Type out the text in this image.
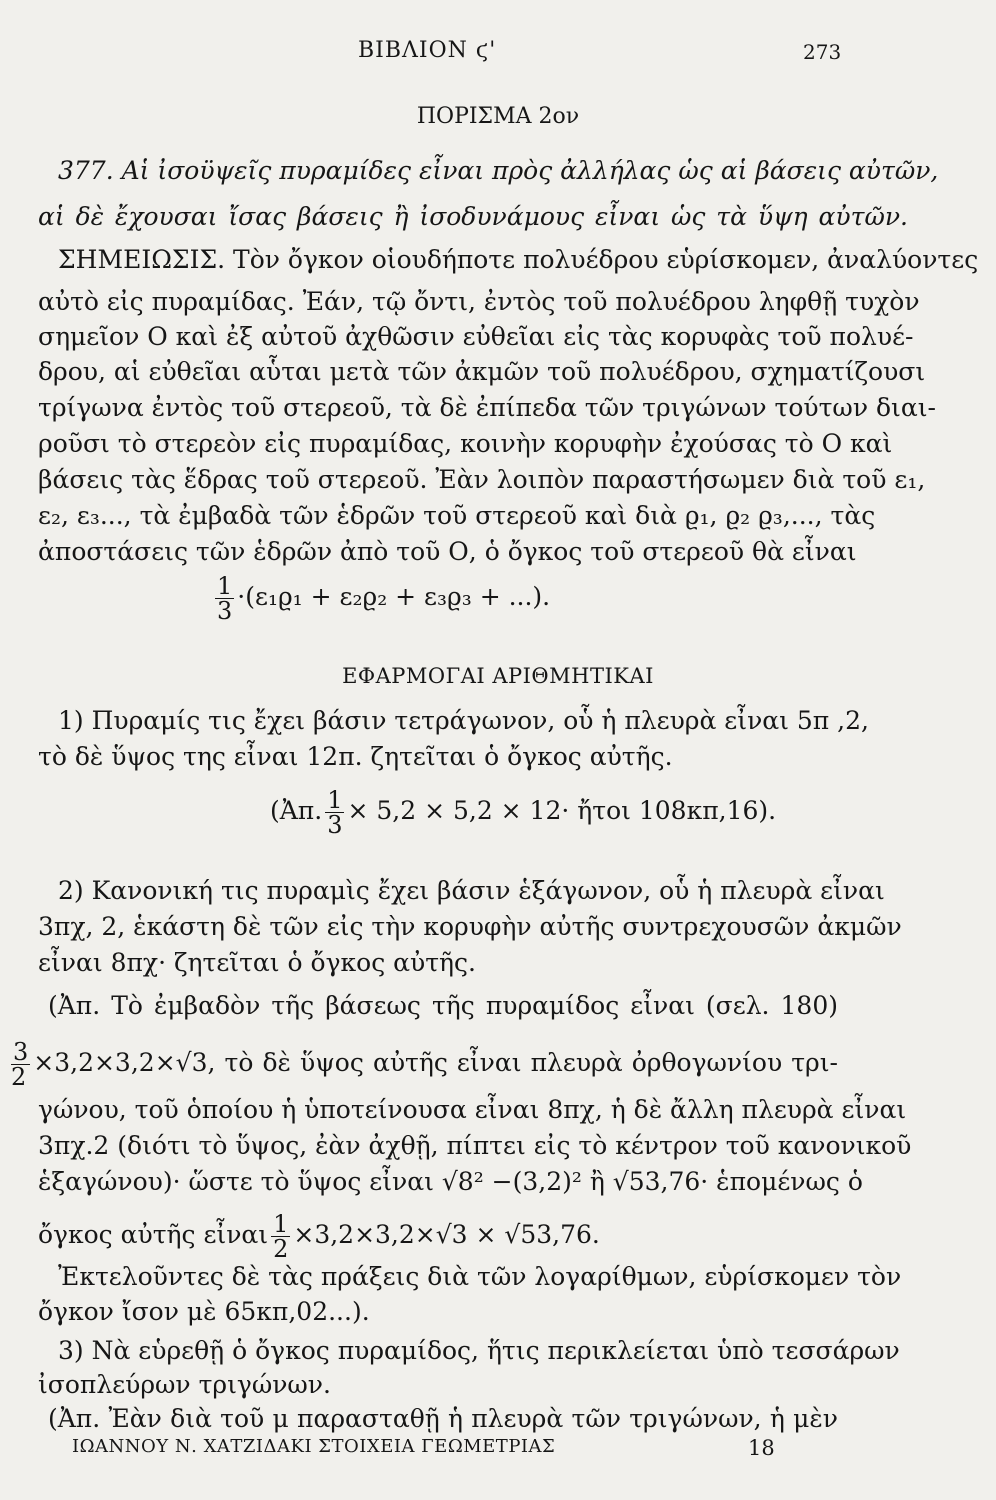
ΒΙΒΛΙΟΝ ϛ'	273
ΠΟΡΙΣΜΑ 2ον
377. Αἱ ἰσοϋψεῖς πυραμίδες εἶναι πρὸς ἀλλήλας ὡς αἱ βάσεις αὐτῶν,
αἱ δὲ ἔχουσαι ἴσας βάσεις ἢ ἰσοδυνάμους εἶναι ὡς τὰ ὕψη αὐτῶν.
ΣΗΜΕΙΩΣΙΣ. Τὸν ὄγκον οἱουδήποτε πολυέδρου εὑρίσκομεν, ἀναλύοντες
αὐτὸ εἰς πυραμίδας. Ἐάν, τῷ ὄντι, ἐντὸς τοῦ πολυέδρου ληφθῇ τυχὸν
σημεῖον Ο καὶ ἐξ αὐτοῦ ἀχθῶσιν εὐθεῖαι εἰς τὰς κορυφὰς τοῦ πολυέ-
δρου, αἱ εὐθεῖαι αὗται μετὰ τῶν ἀκμῶν τοῦ πολυέδρου, σχηματίζουσι
τρίγωνα ἐντὸς τοῦ στερεοῦ, τὰ δὲ ἐπίπεδα τῶν τριγώνων τούτων διαι-
ροῦσι τὸ στερεὸν εἰς πυραμίδας, κοινὴν κορυφὴν ἐχούσας τὸ Ο καὶ
βάσεις τὰς ἕδρας τοῦ στερεοῦ. Ἐὰν λοιπὸν παραστήσωμεν διὰ τοῦ ε₁,
ε₂, ε₃..., τὰ ἐμβαδὰ τῶν ἑδρῶν τοῦ στερεοῦ καὶ διὰ ϱ₁, ϱ₂ ϱ₃,..., τὰς
ἀποστάσεις τῶν ἑδρῶν ἀπὸ τοῦ Ο, ὁ ὄγκος τοῦ στερεοῦ θὰ εἶναι
$\frac{1}{3} \cdot(\varepsilon_1ϱ_1 + \varepsilon_2ϱ_2 + \varepsilon_3ϱ_3$ + ...).
ΕΦΑΡΜΟΓΑΙ ΑΡΙΘΜΗΤΙΚΑΙ
1) Πυραμίς τις ἔχει βάσιν τετράγωνον, οὗ ἡ πλευρὰ εἶναι 5π ,2,
τὸ δὲ ὕψος της εἶναι 12π. ζητεῖται ὁ ὄγκος αὐτῆς.
(Ἀπ. $\frac{1}{3} \times 5,2 \times 5,2 \times 12\cdot$ ἤτοι 108κπ,16).
2) Κανονική τις πυραμὶς ἔχει βάσιν ἑξάγωνον, οὗ ἡ πλευρὰ εἶναι
3πχ, 2, ἑκάστη δὲ τῶν εἰς τὴν κορυφὴν αὐτῆς συντρεχουσῶν ἀκμῶν
εἶναι 8πχ· ζητεῖται ὁ ὄγκος αὐτῆς.
(Ἀπ. Τὸ ἐμβαδὸν τῆς βάσεως τῆς πυραμίδος εἶναι (σελ. 180)
$\frac{3}{2} \times 3,2\times 3,2\times√3$, τὸ δὲ ὕψος αὐτῆς εἶναι πλευρὰ ὀρθογωνίου τρι-
γώνου, τοῦ ὁποίου ἡ ὑποτείνουσα εἶναι 8πχ, ἡ δὲ ἄλλη πλευρὰ εἶναι
3πχ.2 (διότι τὸ ὕψος, ἐὰν ἀχθῇ, πίπτει εἰς τὸ κέντρον τοῦ κανονικοῦ
ἑξαγώνου)· ὥστε τὸ ὕψος εἶναι √8² −(3,2)² ἢ √53,76· ἑπομένως ὁ
ὄγκος αὐτῆς εἶναι $\frac{1}{2} \times 3,2\times 3,2\times√3 \times √53,76$.
Ἐκτελοῦντες δὲ τὰς πράξεις διὰ τῶν λογαρίθμων, εὑρίσκομεν τὸν
ὄγκον ἴσον μὲ 65κπ,02...).
3) Νὰ εὑρεθῇ ὁ ὄγκος πυραμίδος, ἥτις περικλείεται ὑπὸ τεσσάρων
ἰσοπλεύρων τριγώνων.
(Ἀπ. Ἐὰν διὰ τοῦ μ παρασταθῇ ἡ πλευρὰ τῶν τριγώνων, ἡ μὲν
ΙΩΑΝΝΟΥ Ν. ΧΑΤΖΙΔΑΚΙ ΣΤΟΙΧΕΙΑ ΓΕΩΜΕΤΡΙΑΣ	18
